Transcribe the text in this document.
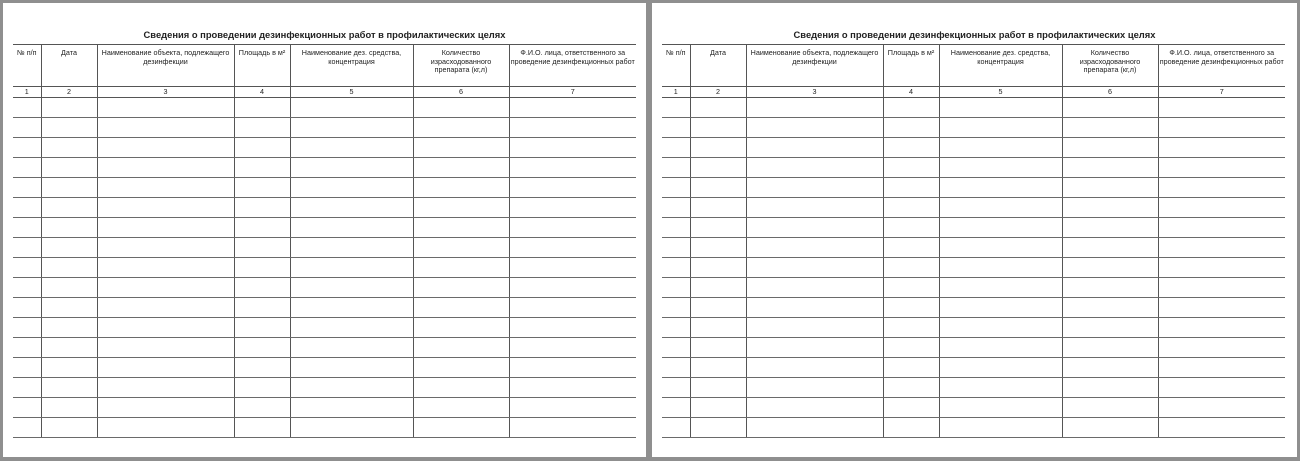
Сведения о проведении дезинфекционных работ в профилактических целях
№ п/п	Дата	Наименование объекта, подлежащего дезинфекции	Площадь в м²	Наименование дез. средства, концентрация	Количество израсходованного препарата (кг,л)	Ф.И.О. лица, ответственного за проведение дезинфекционных работ
1	2	3	4	5	6	7

Сведения о проведении дезинфекционных работ в профилактических целях
№ п/п	Дата	Наименование объекта, подлежащего дезинфекции	Площадь в м²	Наименование дез. средства, концентрация	Количество израсходованного препарата (кг,л)	Ф.И.О. лица, ответственного за проведение дезинфекционных работ
1	2	3	4	5	6	7
